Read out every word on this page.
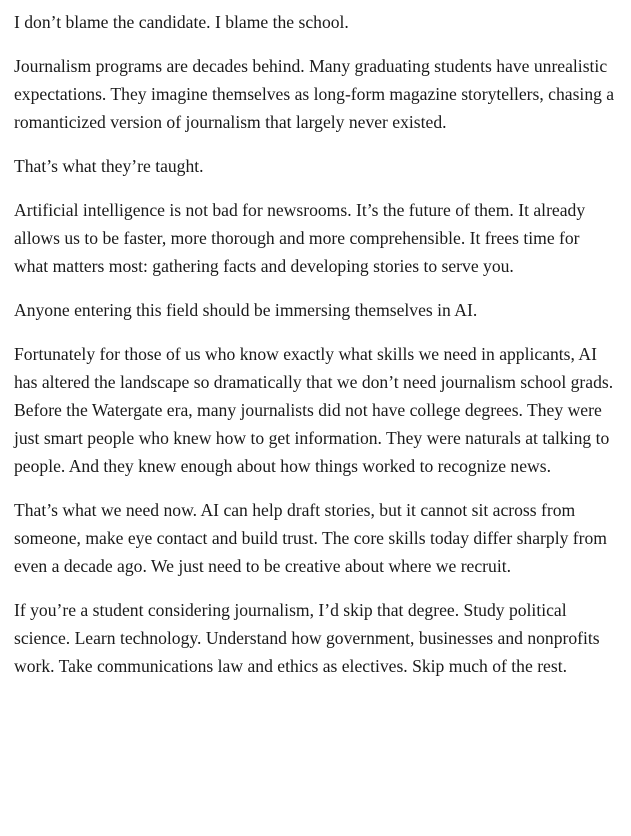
I don’t blame the candidate. I blame the school.

Journalism programs are decades behind. Many graduating students have unrealistic expectations. They imagine themselves as long-form magazine storytellers, chasing a romanticized version of journalism that largely never existed.

That’s what they’re taught.

Artificial intelligence is not bad for newsrooms. It’s the future of them. It already allows us to be faster, more thorough and more comprehensible. It frees time for what matters most: gathering facts and developing stories to serve you.

Anyone entering this field should be immersing themselves in AI.

Fortunately for those of us who know exactly what skills we need in applicants, AI has altered the landscape so dramatically that we don’t need journalism school grads. Before the Watergate era, many journalists did not have college degrees. They were just smart people who knew how to get information. They were naturals at talking to people. And they knew enough about how things worked to recognize news.

That’s what we need now. AI can help draft stories, but it cannot sit across from someone, make eye contact and build trust. The core skills today differ sharply from even a decade ago. We just need to be creative about where we recruit.

If you’re a student considering journalism, I’d skip that degree. Study political science. Learn technology. Understand how government, businesses and nonprofits work. Take communications law and ethics as electives. Skip much of the rest.
